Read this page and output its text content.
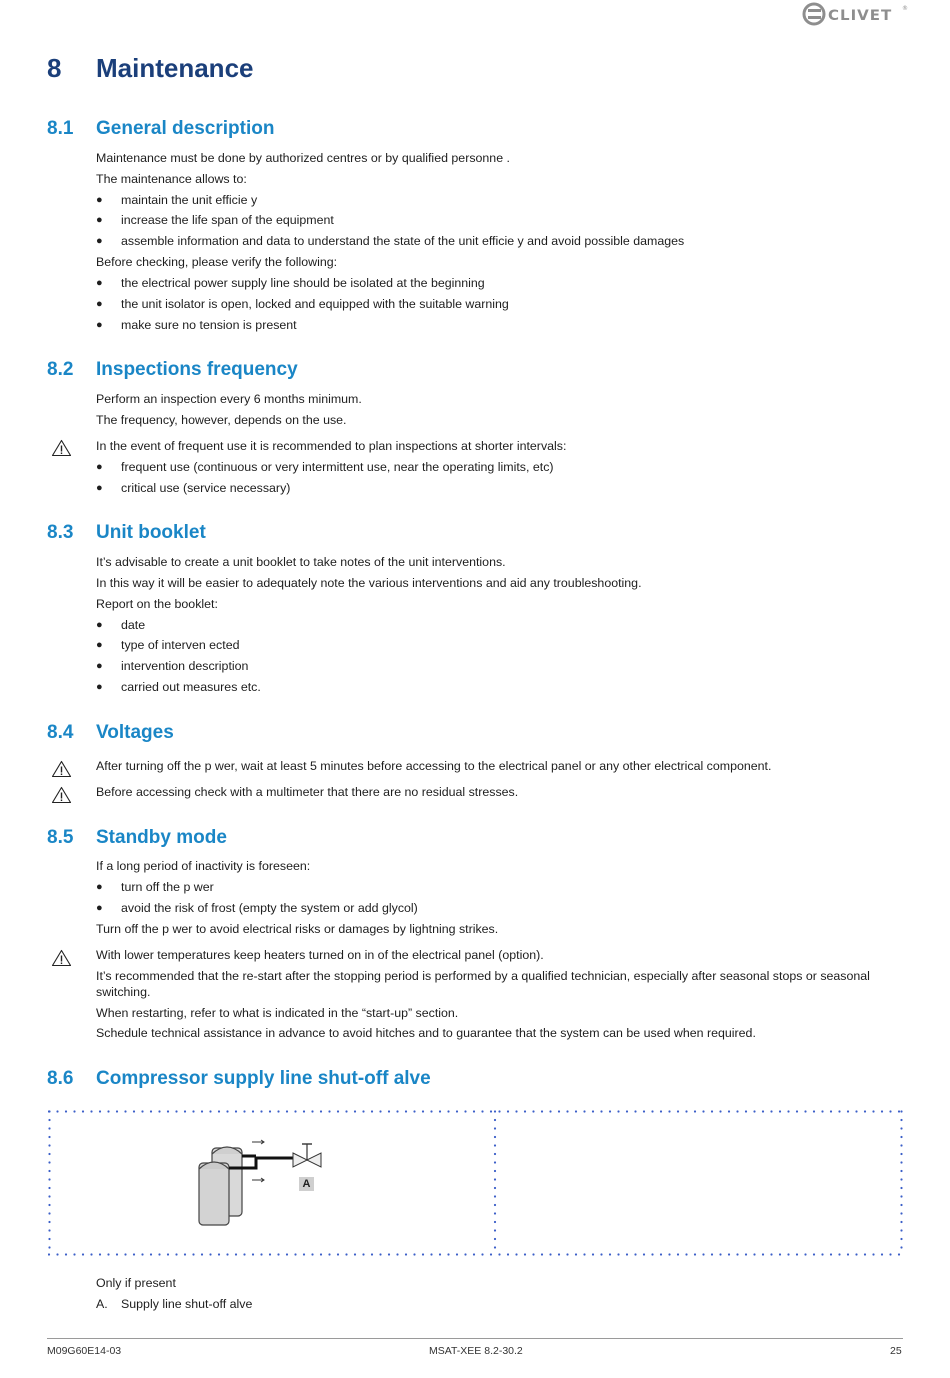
CLIVET ®
8 Maintenance
8.1 General description
Maintenance must be done by authorized centres or by qualified personne .
The maintenance allows to:
● maintain the unit efficie y
● increase the life span of the equipment
● assemble information and data to understand the state of the unit efficie y and avoid possible damages
Before checking, please verify the following:
● the electrical power supply line should be isolated at the beginning
● the unit isolator is open, locked and equipped with the suitable warning
● make sure no tension is present
8.2 Inspections frequency
Perform an inspection every 6 months minimum.
The frequency, however, depends on the use.
In the event of frequent use it is recommended to plan inspections at shorter intervals:
● frequent use (continuous or very intermittent use, near the operating limits, etc)
● critical use (service necessary)
8.3 Unit booklet
It’s advisable to create a unit booklet to take notes of the unit interventions.
In this way it will be easier to adequately note the various interventions and aid any troubleshooting.
Report on the booklet:
● date
● type of interven ected
● intervention description
● carried out measures etc.
8.4 Voltages
After turning off the p wer, wait at least 5 minutes before accessing to the electrical panel or any other electrical component.
Before accessing check with a multimeter that there are no residual stresses.
8.5 Standby mode
If a long period of inactivity is foreseen:
● turn off the p wer
● avoid the risk of frost (empty the system or add glycol)
Turn off the p wer to avoid electrical risks or damages by lightning strikes.
With lower temperatures keep heaters turned on in of the electrical panel (option).
It’s recommended that the re-start after the stopping period is performed by a qualified technician, especially after seasonal stops or seasonal switching.
When restarting, refer to what is indicated in the “start-up” section.
Schedule technical assistance in advance to avoid hitches and to guarantee that the system can be used when required.
8.6 Compressor supply line shut-off alve
A
Only if present
A. Supply line shut-off alve
M09G60E14-03	MSAT-XEE 8.2-30.2	25
